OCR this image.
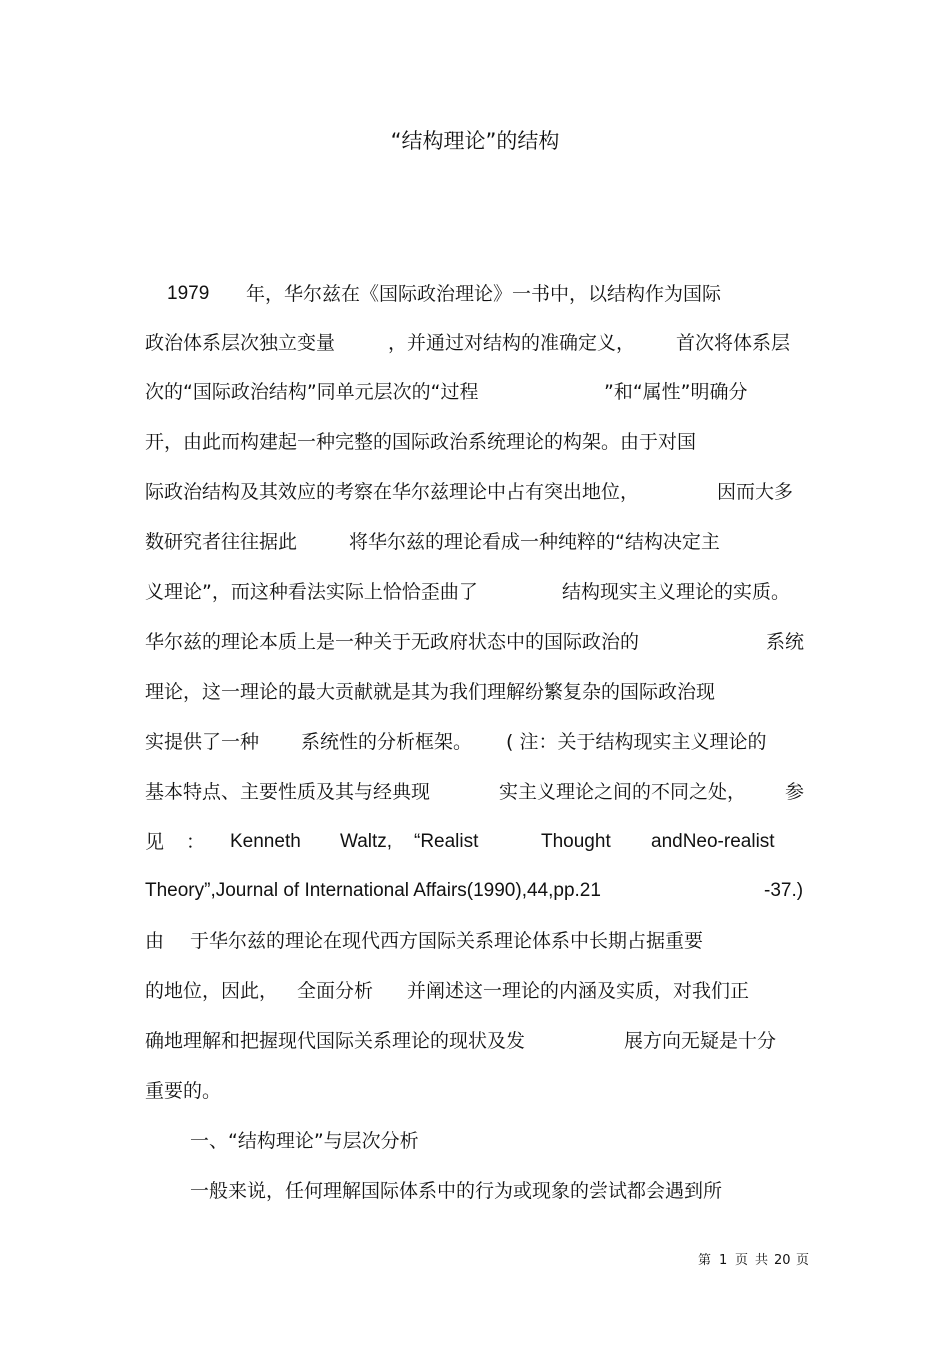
“结构理论”的结构
1979 年，华尔兹在《国际政治理论》一书中，以结构作为国际
政治体系层次独立变量	，并通过对结构的准确定义， 首次将体系层
次的“国际政治结构”同单元层次的“过程	”和“属性”明确分
开，由此而构建起一种完整的国际政治系统理论的构架。由于对国
际政治结构及其效应的考察在华尔兹理论中占有突出地位，	因而大多
数研究者往往据此	将华尔兹的理论看成一种纯粹的“结构决定主
义理论”，而这种看法实际上恰恰歪曲了	结构现实主义理论的实质。
华尔兹的理论本质上是一种关于无政府状态中的国际政治的	系统
理论，这一理论的最大贡献就是其为我们理解纷繁复杂的国际政治现
实提供了一种 系统性的分析框架。 ( 注：关于结构现实主义理论的
基本特点、主要性质及其与经典现	实主义理论之间的不同之处， 参
见 ： Kenneth Waltz, “Realist	Thought andNeo-realist
Theory”,Journal of International Affairs(1990),44,pp.21	-37.)
由 于华尔兹的理论在现代西方国际关系理论体系中长期占据重要
的地位，因此， 全面分析 并阐述这一理论的内涵及实质，对我们正
确地理解和把握现代国际关系理论的现状及发	展方向无疑是十分
重要的。
一、“结构理论”与层次分析
一般来说，任何理解国际体系中的行为或现象的尝试都会遇到所
第 1 页 共 20 页
